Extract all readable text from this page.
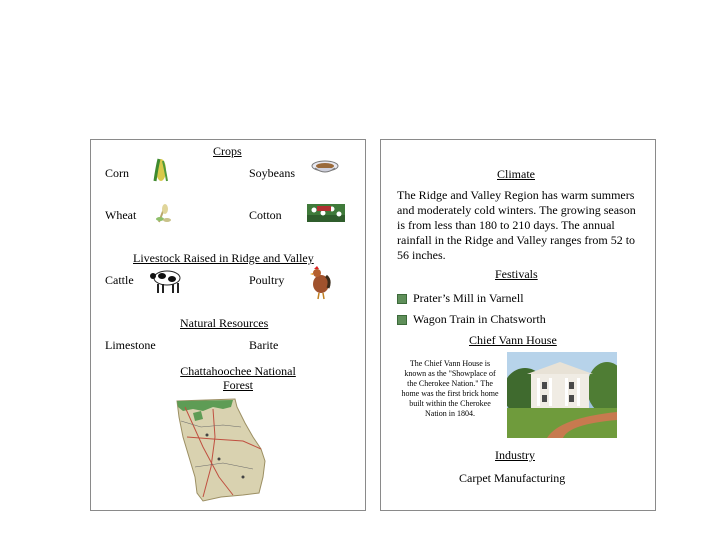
Crops
Corn	Soybeans
Wheat	Cotton
Livestock Raised in Ridge and Valley
Cattle	Poultry
Natural Resources
Limestone	Barite
Chattahoochee National
Forest
Climate
The Ridge and Valley Region has warm summers and moderately cold winters. The growing season is from less than 180 to 210 days. The annual rainfall in the Ridge and Valley ranges from 52 to 56 inches.
Festivals
Prater’s Mill in Varnell
Wagon Train in Chatsworth
Chief Vann House
The Chief Vann House is known as the "Showplace of the Cherokee Nation." The home was the first brick home built within the Cherokee Nation in 1804.
Industry
Carpet Manufacturing
